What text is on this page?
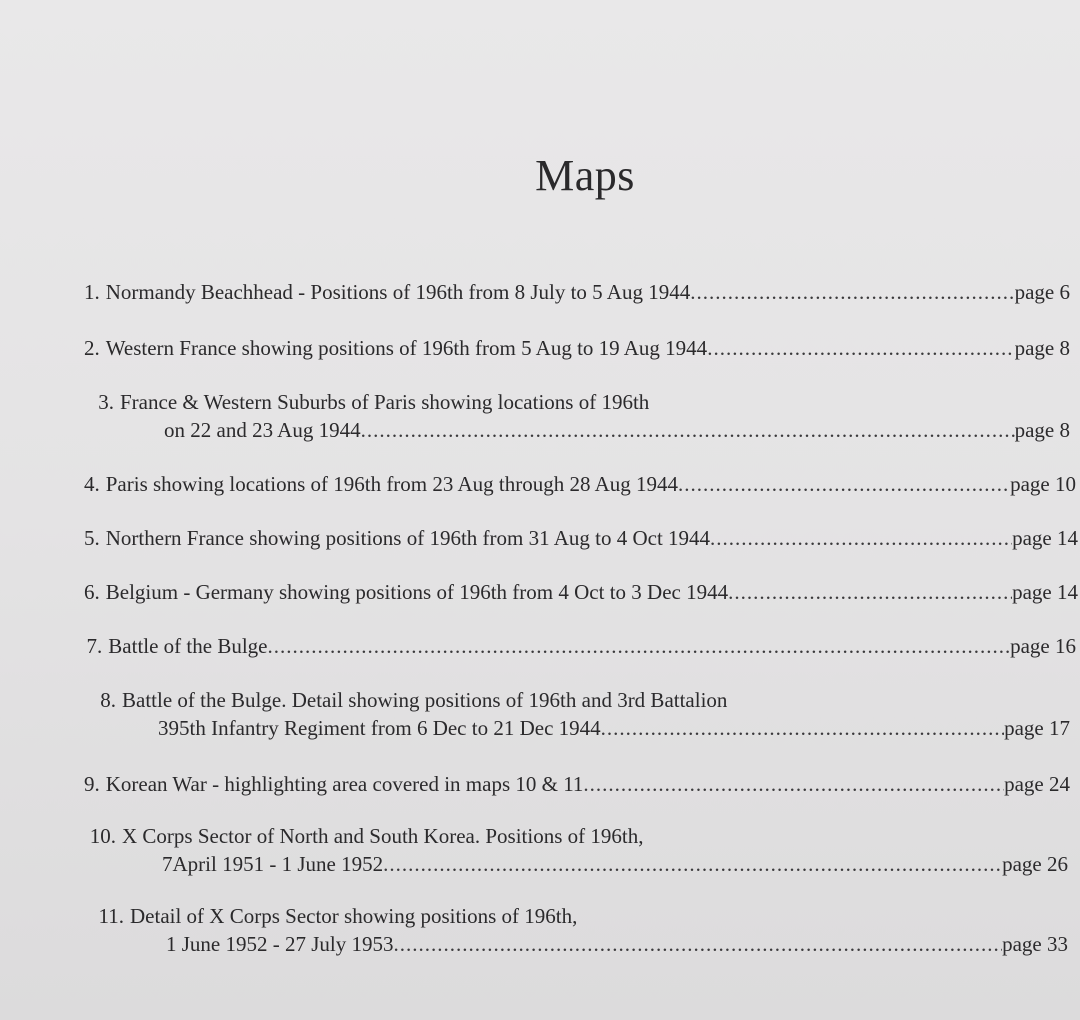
Maps
1. Normandy Beachhead - Positions of 196th from 8 July to 5 Aug 1944 .....	page 6
2. Western France showing positions of 196th from 5 Aug to 19 Aug 1944 .....	page 8
3. France & Western Suburbs of Paris showing locations of 196th
on 22 and 23 Aug 1944 .....	page 8
4. Paris showing locations of 196th from 23 Aug through 28 Aug 1944 .....	page 10
5. Northern France showing positions of 196th from 31 Aug to 4 Oct 1944 .....	page 14
6. Belgium - Germany showing positions of 196th from 4 Oct to 3 Dec 1944 .....	page 14
7. Battle of the Bulge .....	page 16
8. Battle of the Bulge. Detail showing positions of 196th and 3rd Battalion
395th Infantry Regiment from 6 Dec to 21 Dec 1944 .....	page 17
9. Korean War - highlighting area covered in maps 10 & 11 .....	page 24
10. X Corps Sector of North and South Korea. Positions of 196th,
7April 1951 - 1 June 1952 .....	page 26
11. Detail of X Corps Sector showing positions of 196th,
1 June 1952 - 27 July 1953 .....	page 33
